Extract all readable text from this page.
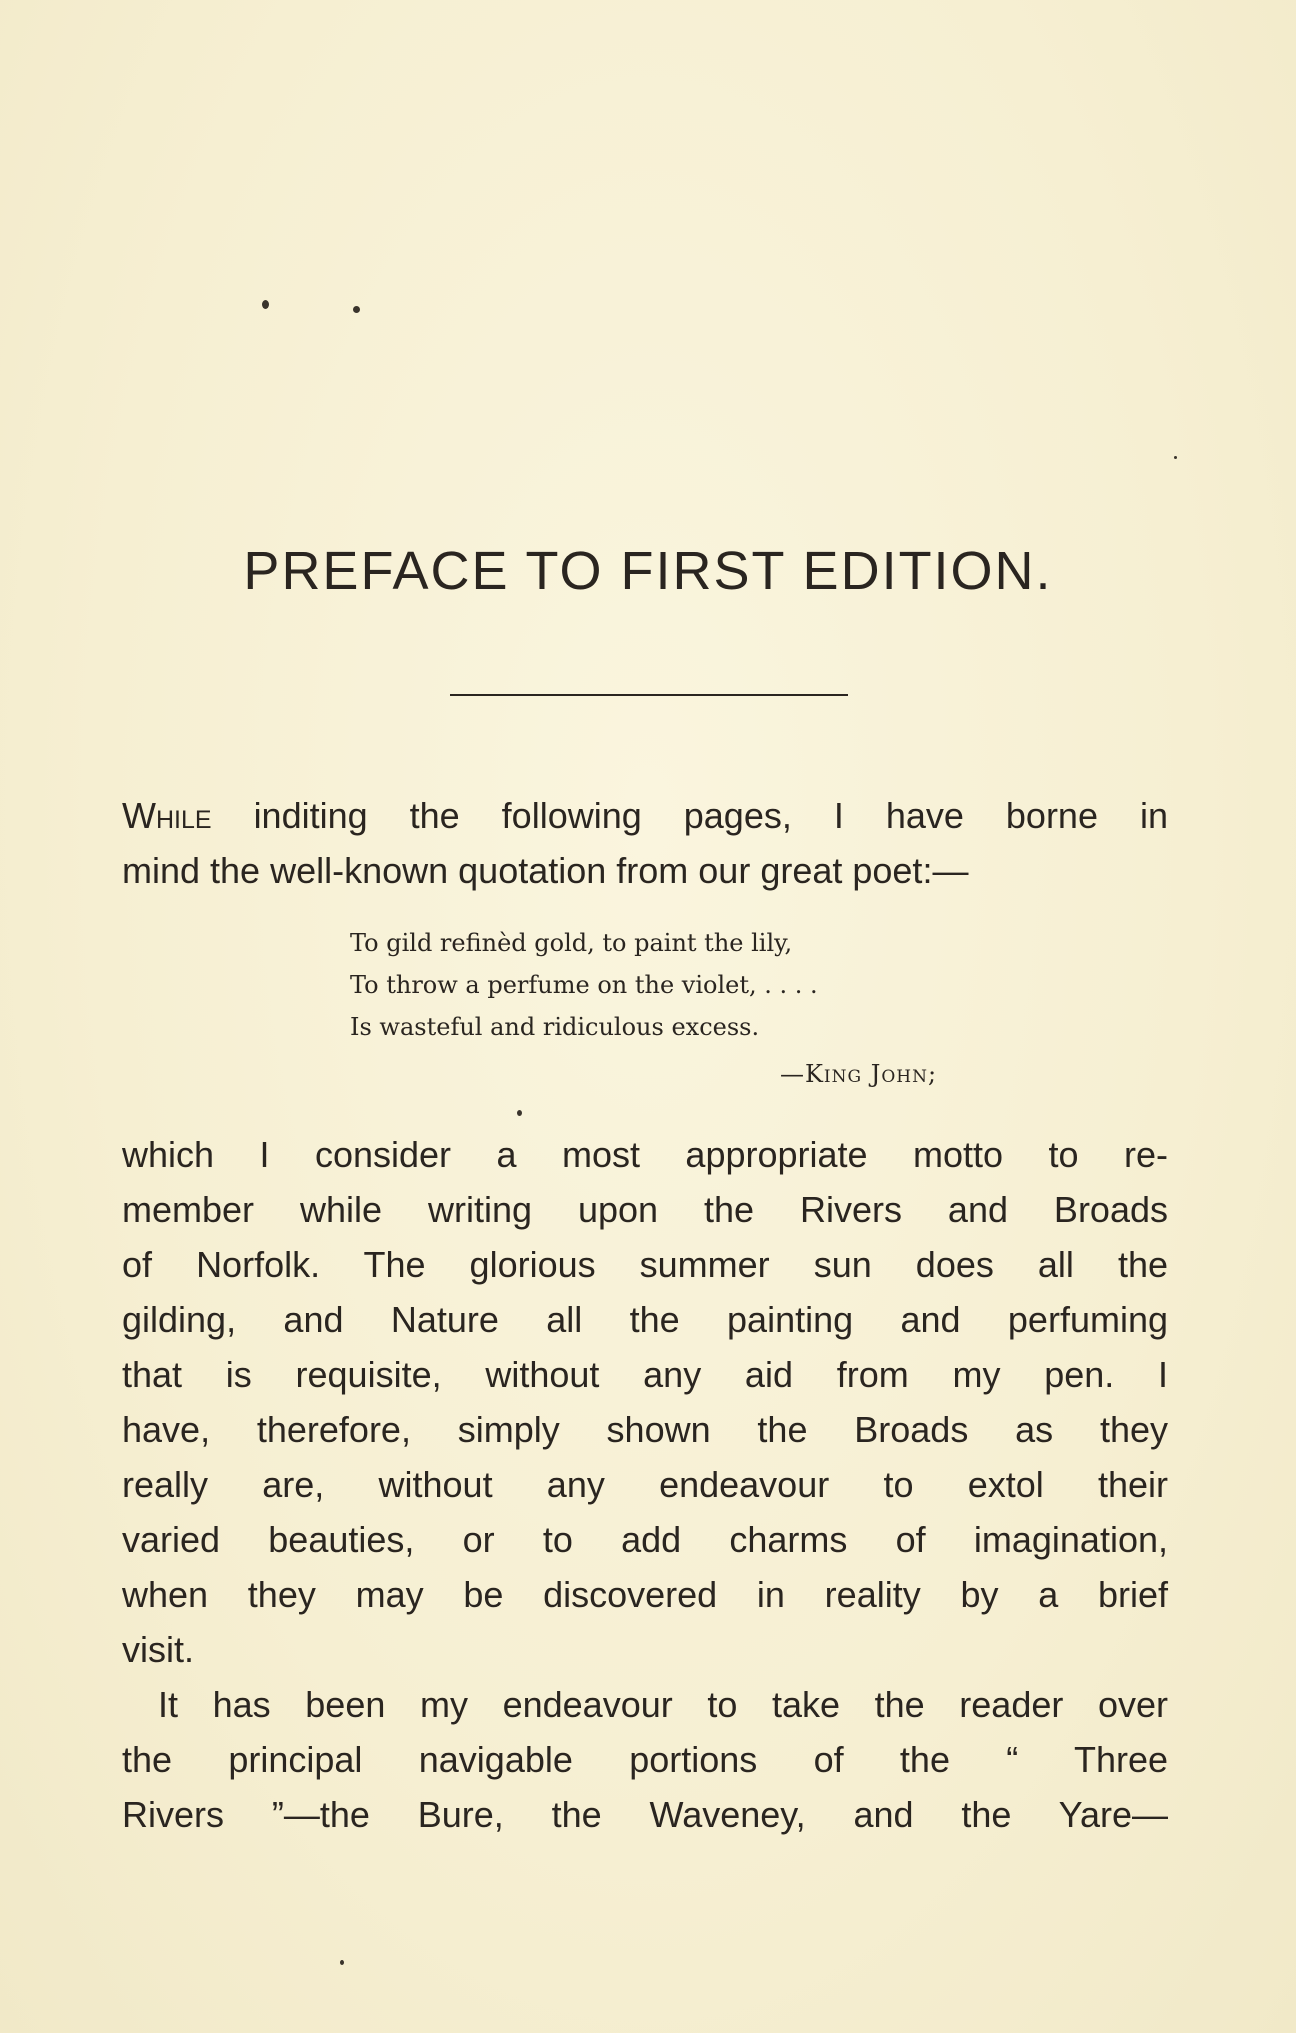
PREFACE TO FIRST EDITION.
While inditing the following pages, I have borne in
mind the well-known quotation from our great poet:—
To gild refinèd gold, to paint the lily,
To throw a perfume on the violet, . . . .
Is wasteful and ridiculous excess.
—King John;
which I consider a most appropriate motto to re-
member while writing upon the Rivers and Broads
of Norfolk. The glorious summer sun does all the
gilding, and Nature all the painting and perfuming
that is requisite, without any aid from my pen. I
have, therefore, simply shown the Broads as they
really are, without any endeavour to extol their
varied beauties, or to add charms of imagination,
when they may be discovered in reality by a brief
visit.
It has been my endeavour to take the reader over
the principal navigable portions of the “ Three
Rivers ”—the Bure, the Waveney, and the Yare—
